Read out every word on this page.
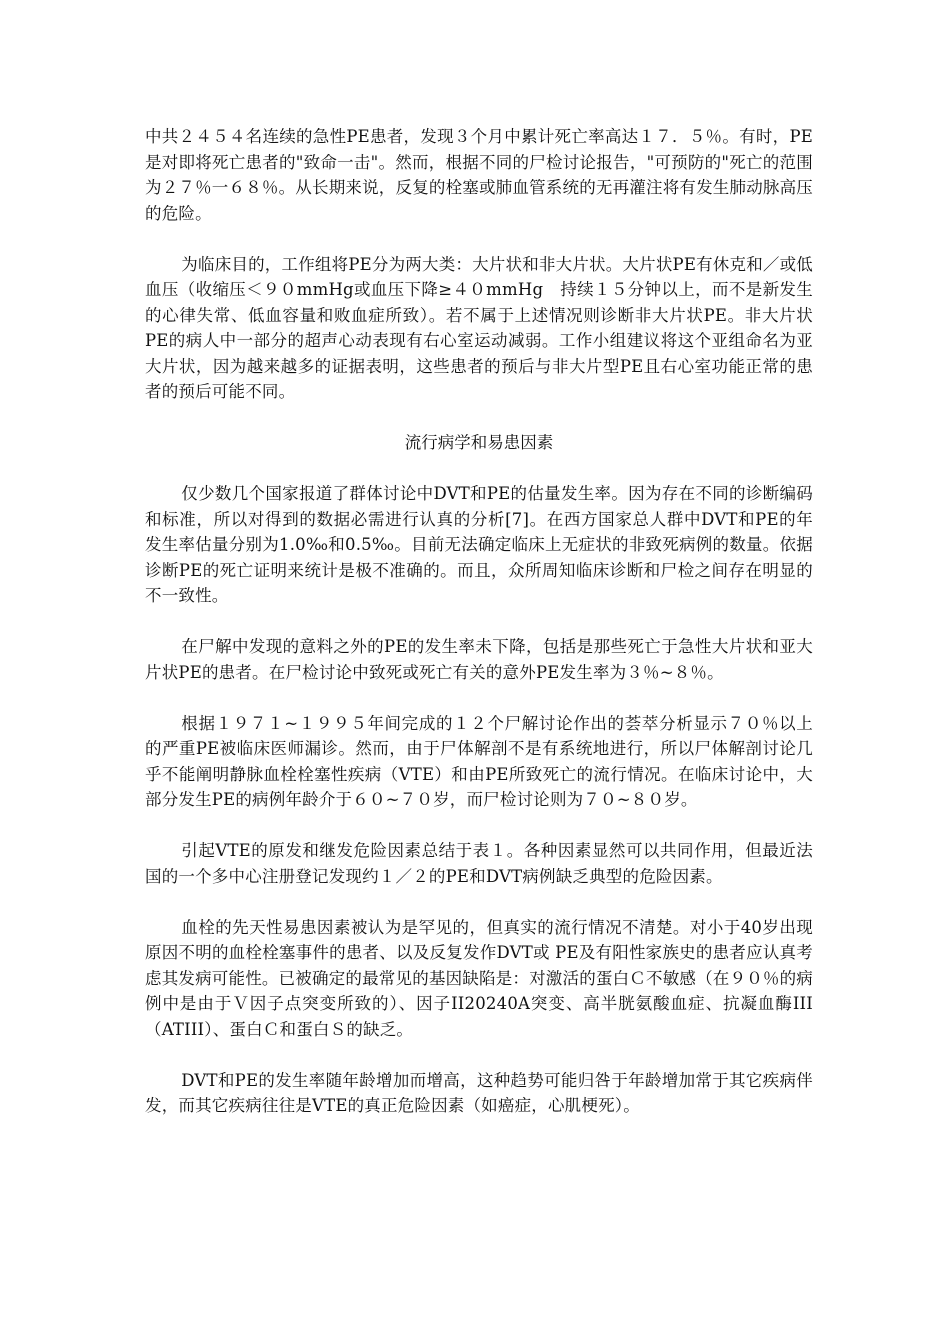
中共２４５４名连续的急性PE患者，发现３个月中累计死亡率高达１７．５％。有时，PE是对即将死亡患者的"致命一击"。然而，根据不同的尸检讨论报告，"可预防的"死亡的范围为２７％一６８％。从长期来说，反复的栓塞或肺血管系统的无再灌注将有发生肺动脉高压的危险。

为临床目的，工作组将PE分为两大类：大片状和非大片状。大片状PE有休克和／或低血压（收缩压＜９０mmHg或血压下降≥４０mmHg　持续１５分钟以上，而不是新发生的心律失常、低血容量和败血症所致）。若不属于上述情况则诊断非大片状PE。非大片状PE的病人中一部分的超声心动表现有右心室运动减弱。工作小组建议将这个亚组命名为亚大片状，因为越来越多的证据表明，这些患者的预后与非大片型PE且右心室功能正常的患者的预后可能不同。

流行病学和易患因素

仅少数几个国家报道了群体讨论中DVT和PE的估量发生率。因为存在不同的诊断编码和标准，所以对得到的数据必需进行认真的分析[7]。在西方国家总人群中DVT和PE的年发生率估量分别为1.0‰和0.5‰。目前无法确定临床上无症状的非致死病例的数量。依据诊断PE的死亡证明来统计是极不准确的。而且，众所周知临床诊断和尸检之间存在明显的不一致性。

在尸解中发现的意料之外的PE的发生率未下降，包括是那些死亡于急性大片状和亚大片状PE的患者。在尸检讨论中致死或死亡有关的意外PE发生率为３％~８％。

根据１９７１~１９９５年间完成的１２个尸解讨论作出的荟萃分析显示７０％以上的严重PE被临床医师漏诊。然而，由于尸体解剖不是有系统地进行，所以尸体解剖讨论几乎不能阐明静脉血栓栓塞性疾病（VTE）和由PE所致死亡的流行情况。在临床讨论中，大部分发生PE的病例年龄介于６０~７０岁，而尸检讨论则为７０~８０岁。

引起VTE的原发和继发危险因素总结于表１。各种因素显然可以共同作用，但最近法国的一个多中心注册登记发现约１／２的PE和DVT病例缺乏典型的危险因素。

血栓的先天性易患因素被认为是罕见的，但真实的流行情况不清楚。对小于40岁出现原因不明的血栓栓塞事件的患者、以及反复发作DVT或 PE及有阳性家族史的患者应认真考虑其发病可能性。已被确定的最常见的基因缺陷是：对激活的蛋白Ｃ不敏感（在９０％的病例中是由于Ｖ因子点突变所致的）、因子II20240A突变、高半胱氨酸血症、抗凝血酶III（ATIII）、蛋白Ｃ和蛋白Ｓ的缺乏。

DVT和PE的发生率随年龄增加而增高，这种趋势可能归咎于年龄增加常于其它疾病伴发，而其它疾病往往是VTE的真正危险因素（如癌症，心肌梗死）。
